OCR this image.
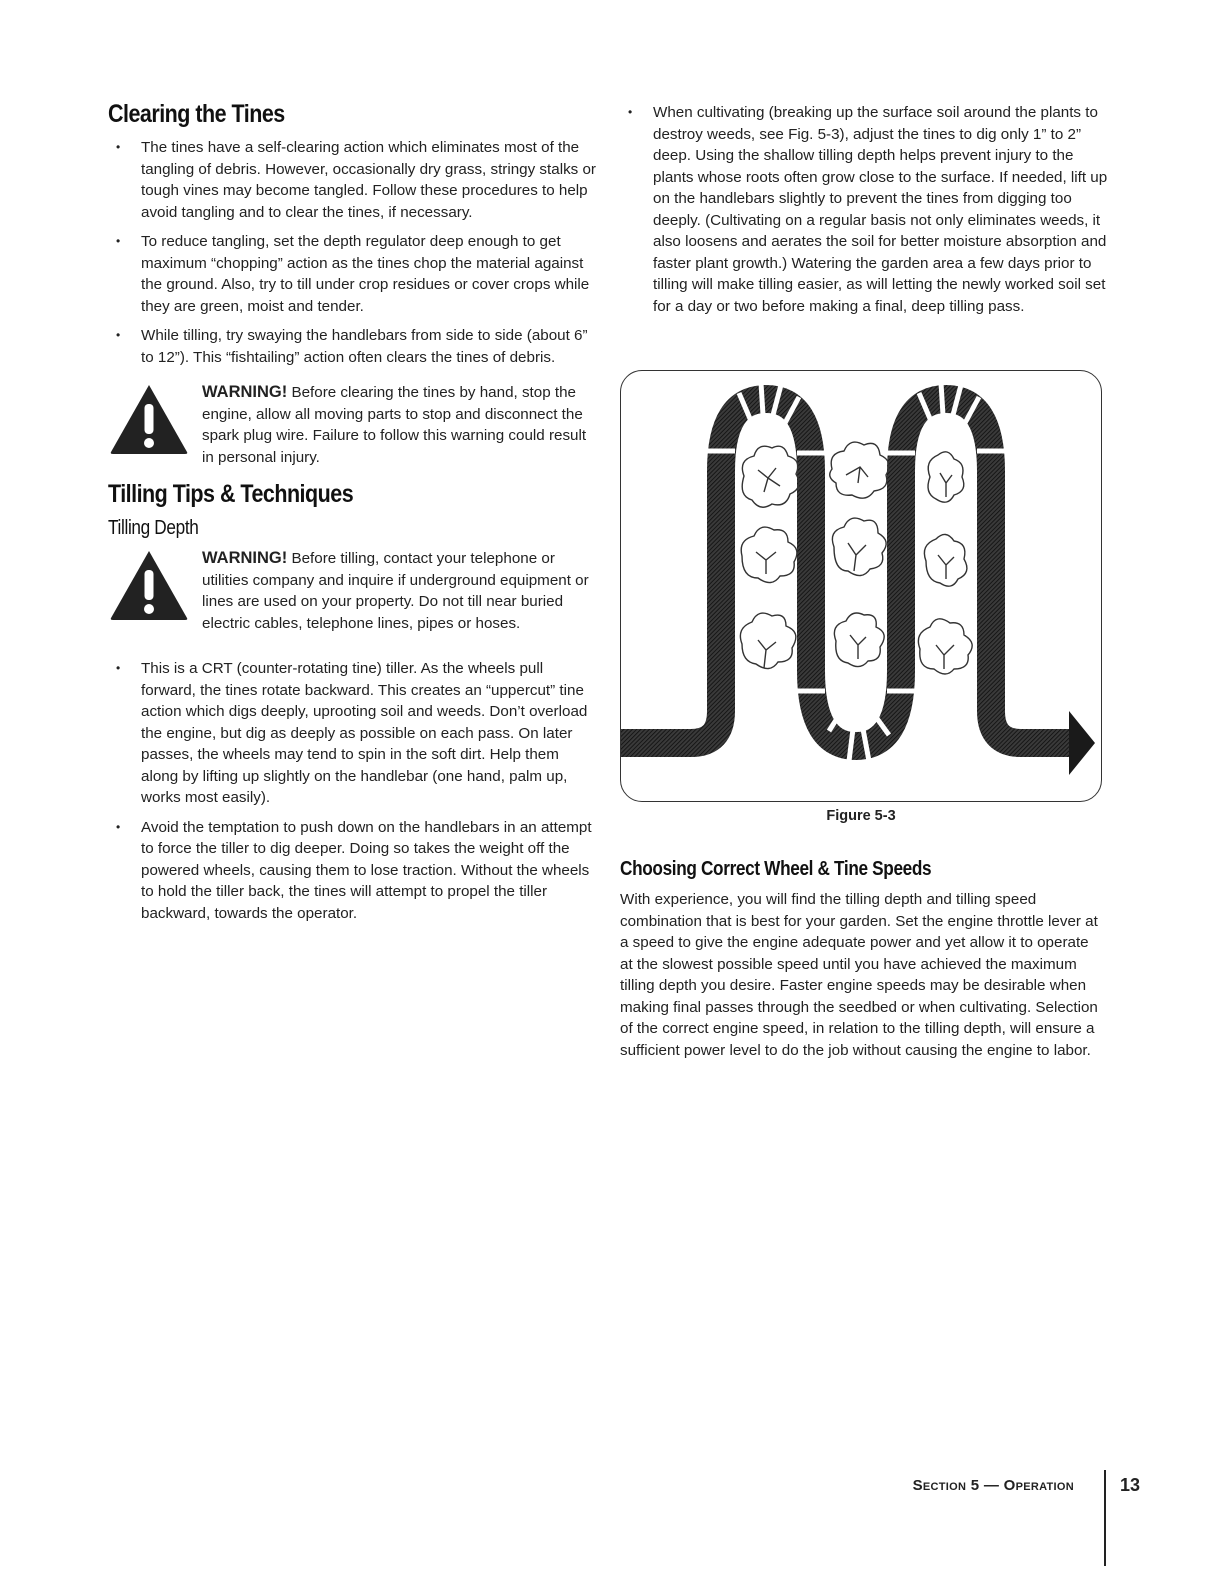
Clearing the Tines
• The tines have a self-clearing action which eliminates most of the tangling of debris. However, occasionally dry grass, stringy stalks or tough vines may become tangled. Follow these procedures to help avoid tangling and to clear the tines, if necessary.
• To reduce tangling, set the depth regulator deep enough to get maximum “chopping” action as the tines chop the material against the ground. Also, try to till under crop residues or cover crops while they are green, moist and tender.
• While tilling, try swaying the handlebars from side to side (about 6” to 12”). This “fishtailing” action often clears the tines of debris.
WARNING! Before clearing the tines by hand, stop the engine, allow all moving parts to stop and disconnect the spark plug wire. Failure to follow this warning could result in personal injury.
Tilling Tips & Techniques
Tilling Depth
WARNING! Before tilling, contact your telephone or utilities company and inquire if underground equipment or lines are used on your property. Do not till near buried electric cables, telephone lines, pipes or hoses.
• This is a CRT (counter-rotating tine) tiller. As the wheels pull forward, the tines rotate backward. This creates an “uppercut” tine action which digs deeply, uprooting soil and weeds. Don’t overload the engine, but dig as deeply as possible on each pass. On later passes, the wheels may tend to spin in the soft dirt. Help them along by lifting up slightly on the handlebar (one hand, palm up, works most easily).
• Avoid the temptation to push down on the handlebars in an attempt to force the tiller to dig deeper. Doing so takes the weight off the powered wheels, causing them to lose traction. Without the wheels to hold the tiller back, the tines will attempt to propel the tiller backward, towards the operator.
• When cultivating (breaking up the surface soil around the plants to destroy weeds, see Fig. 5-3), adjust the tines to dig only 1” to 2” deep. Using the shallow tilling depth helps prevent injury to the plants whose roots often grow close to the surface. If needed, lift up on the handlebars slightly to prevent the tines from digging too deeply. (Cultivating on a regular basis not only eliminates weeds, it also loosens and aerates the soil for better moisture absorption and faster plant growth.) Watering the garden area a few days prior to tilling will make tilling easier, as will letting the newly worked soil set for a day or two before making a final, deep tilling pass.
Figure 5-3
Choosing Correct Wheel & Tine Speeds

With experience, you will find the tilling depth and tilling speed combination that is best for your garden. Set the engine throttle lever at a speed to give the engine adequate power and yet allow it to operate at the slowest possible speed until you have achieved the maximum tilling depth you desire. Faster engine speeds may be desirable when making final passes through the seedbed or when cultivating. Selection of the correct engine speed, in relation to the tilling depth, will ensure a sufficient power level to do the job without causing the engine to labor.

Section 5 — Operation	13
